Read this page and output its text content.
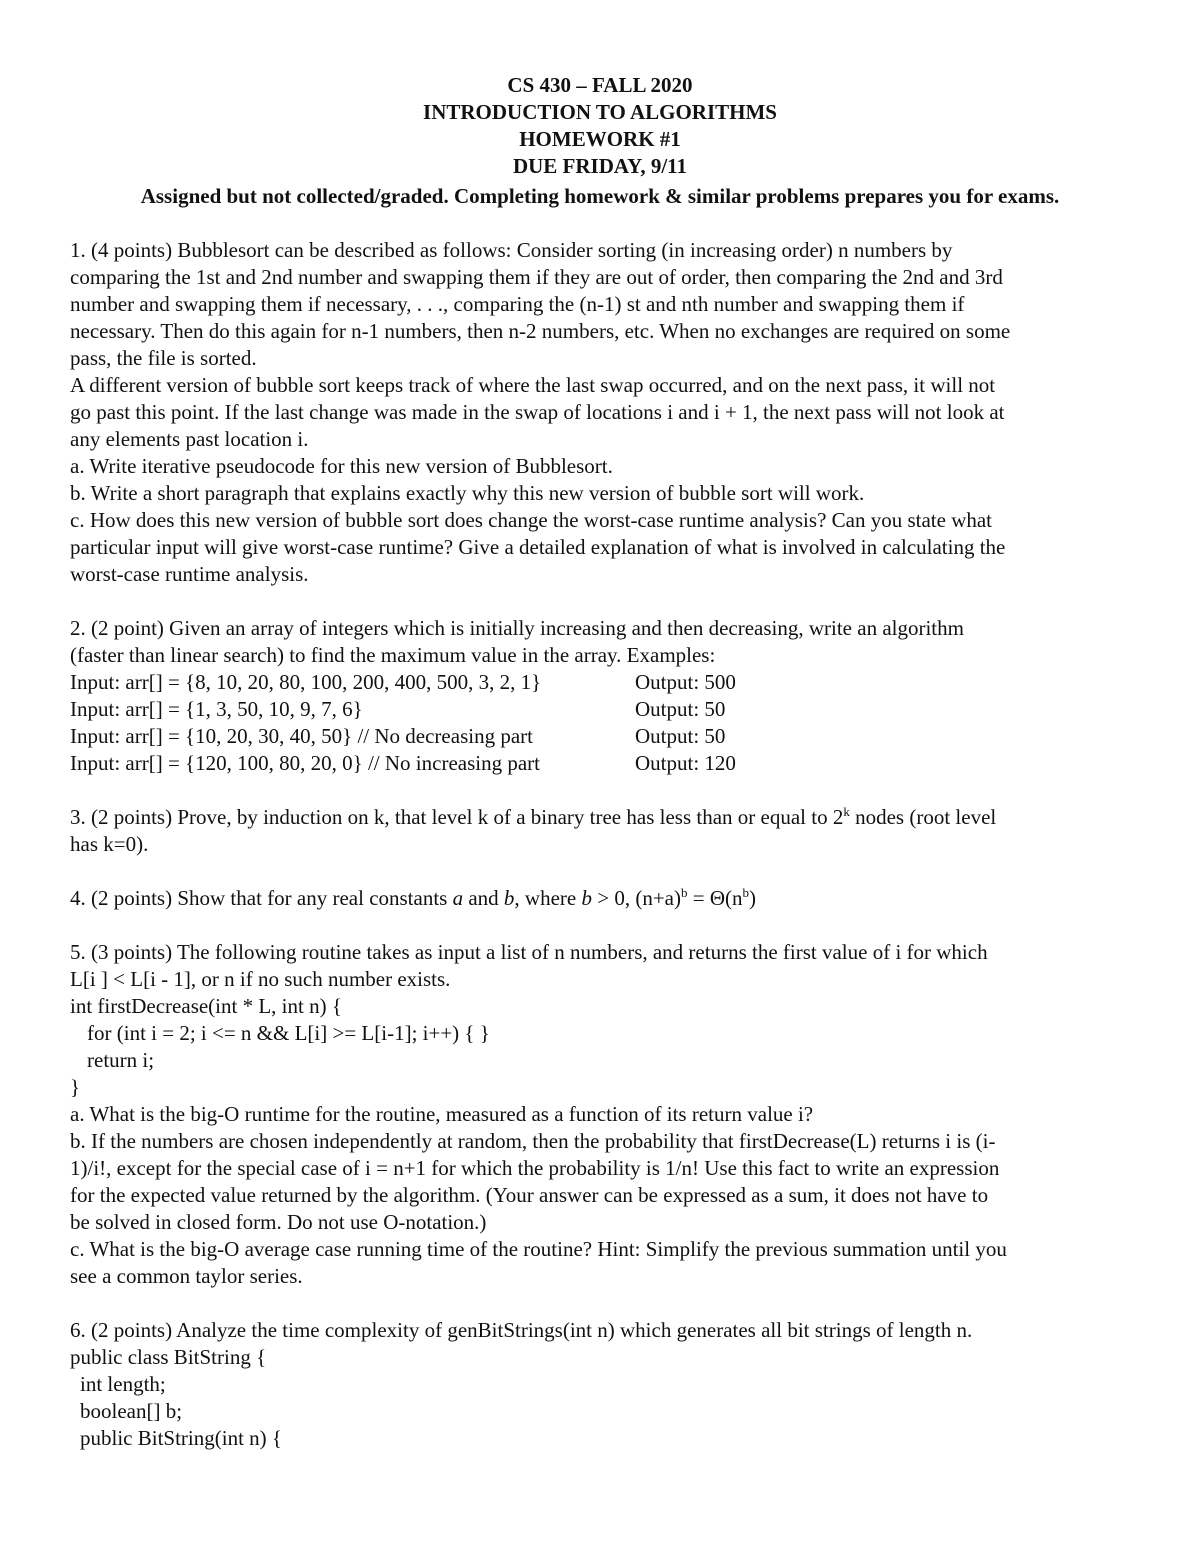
CS 430 – FALL 2020
INTRODUCTION TO ALGORITHMS
HOMEWORK #1
DUE FRIDAY, 9/11
Assigned but not collected/graded. Completing homework & similar problems prepares you for exams.
1. (4 points) Bubblesort can be described as follows: Consider sorting (in increasing order) n numbers by
comparing the 1st and 2nd number and swapping them if they are out of order, then comparing the 2nd and 3rd
number and swapping them if necessary, . . ., comparing the (n-1) st and nth number and swapping them if
necessary. Then do this again for n-1 numbers, then n-2 numbers, etc. When no exchanges are required on some
pass, the file is sorted.
A different version of bubble sort keeps track of where the last swap occurred, and on the next pass, it will not
go past this point. If the last change was made in the swap of locations i and i + 1, the next pass will not look at
any elements past location i.
a. Write iterative pseudocode for this new version of Bubblesort.
b. Write a short paragraph that explains exactly why this new version of bubble sort will work.
c. How does this new version of bubble sort does change the worst-case runtime analysis? Can you state what
particular input will give worst-case runtime? Give a detailed explanation of what is involved in calculating the
worst-case runtime analysis.
2. (2 point) Given an array of integers which is initially increasing and then decreasing, write an algorithm
(faster than linear search) to find the maximum value in the array. Examples:
Input: arr[] = {8, 10, 20, 80, 100, 200, 400, 500, 3, 2, 1}	Output: 500
Input: arr[] = {1, 3, 50, 10, 9, 7, 6}	Output: 50
Input: arr[] = {10, 20, 30, 40, 50} // No decreasing part	Output: 50
Input: arr[] = {120, 100, 80, 20, 0} // No increasing part	Output: 120
3. (2 points) Prove, by induction on k, that level k of a binary tree has less than or equal to 2$^k$ nodes (root level
has k=0).
4. (2 points) Show that for any real constants a and b, where b > 0, $(n+a)^b = \Theta(n^b)$
5. (3 points) The following routine takes as input a list of n numbers, and returns the first value of i for which
L[i ] < L[i - 1], or n if no such number exists.
int firstDecrease(int * L, int n) {
for (int i = 2; i <= n && L[i] >= L[i-1]; i++) { }
return i;
}
a. What is the big-O runtime for the routine, measured as a function of its return value i?
b. If the numbers are chosen independently at random, then the probability that firstDecrease(L) returns i is (i-
1)/i!, except for the special case of i = n+1 for which the probability is 1/n! Use this fact to write an expression
for the expected value returned by the algorithm. (Your answer can be expressed as a sum, it does not have to
be solved in closed form. Do not use O-notation.)
c. What is the big-O average case running time of the routine? Hint: Simplify the previous summation until you
see a common taylor series.
6. (2 points) Analyze the time complexity of genBitStrings(int n) which generates all bit strings of length n.
public class BitString {
int length;
boolean[] b;
public BitString(int n) {
